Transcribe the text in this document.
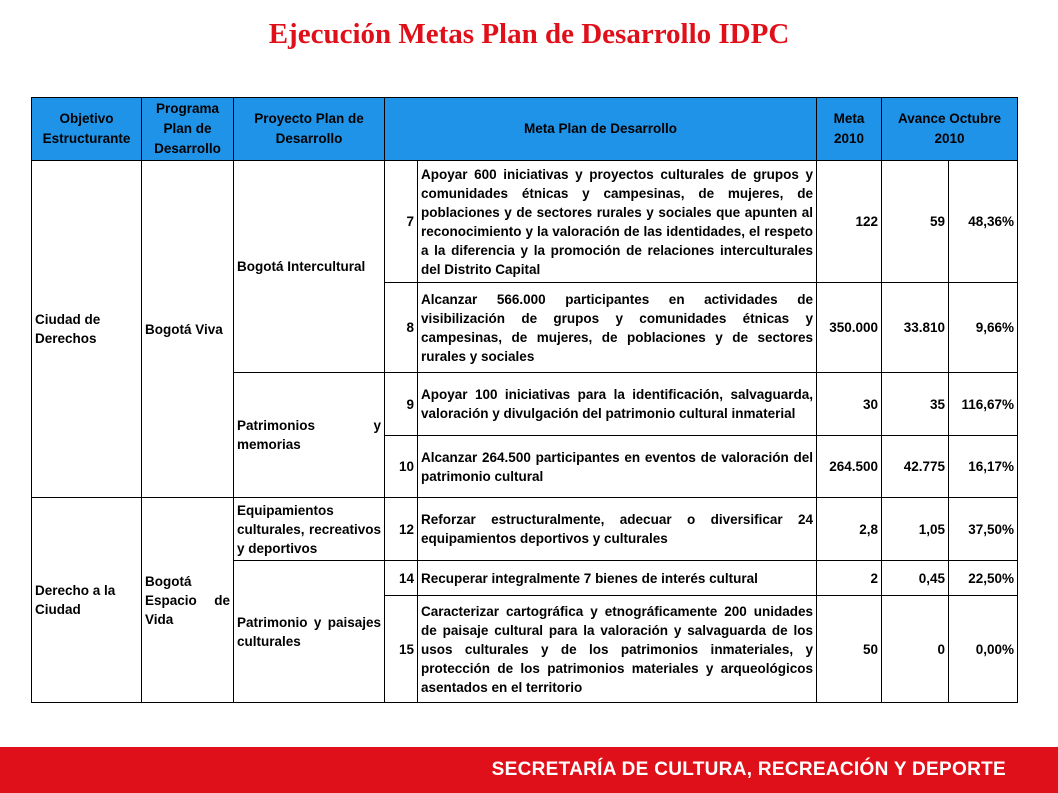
Ejecución Metas Plan de Desarrollo IDPC
Objetivo Estructurante	Programa Plan de Desarrollo	Proyecto Plan de Desarrollo	Meta Plan de Desarrollo		Meta 2010	Avance Octubre 2010	
Ciudad de Derechos	Bogotá Viva	Bogotá Intercultural	7	Apoyar 600 iniciativas y proyectos culturales de grupos y comunidades étnicas y campesinas, de mujeres, de poblaciones y de sectores rurales y sociales que apunten al reconocimiento y la valoración de las identidades, el respeto a la diferencia y la promoción de relaciones interculturales del Distrito Capital	122	59	48,36%
			8	Alcanzar 566.000 participantes en actividades de visibilización de grupos y comunidades étnicas y campesinas, de mujeres, de poblaciones y de sectores rurales y sociales	350.000	33.810	9,66%
		Patrimonios y memorias	9	Apoyar 100 iniciativas para la identificación, salvaguarda, valoración y divulgación del patrimonio cultural inmaterial	30	35	116,67%
			10	Alcanzar 264.500 participantes en eventos de valoración del patrimonio cultural	264.500	42.775	16,17%
Derecho a la Ciudad	Bogotá Espacio de Vida	Equipamientos culturales, recreativos y deportivos	12	Reforzar estructuralmente, adecuar o diversificar 24 equipamientos deportivos y culturales	2,8	1,05	37,50%
		Patrimonio y paisajes culturales	14	Recuperar integralmente 7 bienes de interés cultural	2	0,45	22,50%
			15	Caracterizar cartográfica y etnográficamente 200 unidades de paisaje cultural para la valoración y salvaguarda de los usos culturales y de los patrimonios inmateriales, y protección de los patrimonios materiales y arqueológicos asentados en el territorio	50	0	0,00%
SECRETARÍA DE CULTURA, RECREACIÓN Y DEPORTE
